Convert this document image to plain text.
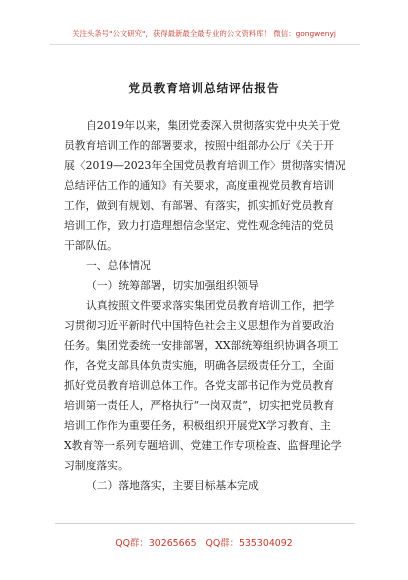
关注头条号"公文研究"，获得最新最全最专业的公文资料库！ 微信：gongwenyj
党员教育培训总结评估报告
自2019年以来，集团党委深入贯彻落实党中央关于党
员教育培训工作的部署要求，按照中组部办公厅《关于开
展〈2019—2023年全国党员教育培训工作〉贯彻落实情况
总结评估工作的通知》有关要求，高度重视党员教育培训
工作，做到有规划、有部署、有落实，抓实抓好党员教育
培训工作，致力打造理想信念坚定、党性观念纯洁的党员
干部队伍。
一、总体情况
（一）统筹部署，切实加强组织领导
认真按照文件要求落实集团党员教育培训工作，把学
习贯彻习近平新时代中国特色社会主义思想作为首要政治
任务。集团党委统一安排部署，XX部统筹组织协调各项工
作，各党支部具体负责实施，明确各层级责任分工，全面
抓好党员教育培训总体工作。各党支部书记作为党员教育
培训第一责任人，严格执行“一岗双责”，切实把党员教育
培训工作作为重要任务，积极组织开展党X学习教育、主
X教育等一系列专题培训、党建工作专项检查、监督理论学
习制度落实。
（二）落地落实，主要目标基本完成
QQ群：30265665 QQ群：535304092
